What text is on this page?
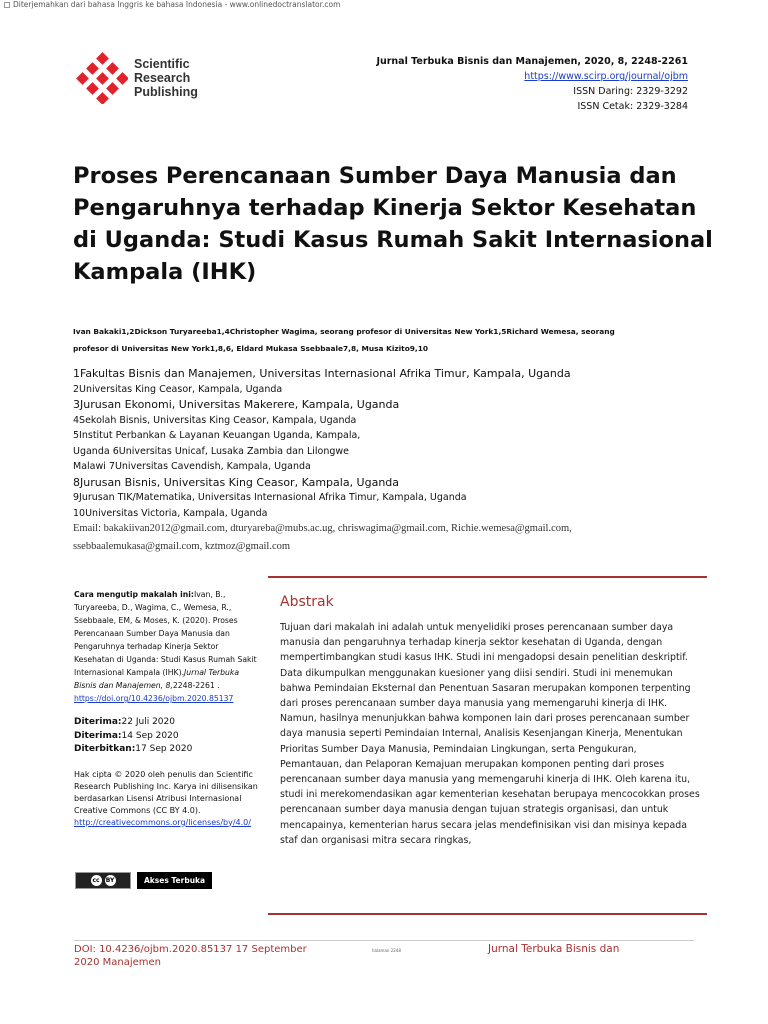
Diterjemahkan dari bahasa Inggris ke bahasa Indonesia - www.onlinedoctranslator.com
Scientific
Research
Publishing
Jurnal Terbuka Bisnis dan Manajemen, 2020, 8, 2248-2261
https://www.scirp.org/journal/ojbm
ISSN Daring: 2329-3292
ISSN Cetak: 2329-3284
Proses Perencanaan Sumber Daya Manusia dan Pengaruhnya terhadap Kinerja Sektor Kesehatan di Uganda: Studi Kasus Rumah Sakit Internasional Kampala (IHK)
Ivan Bakaki1,2Dickson Turyareeba1,4Christopher Wagima, seorang profesor di Universitas New York1,5Richard Wemesa, seorang
profesor di Universitas New York1,8,6, Eldard Mukasa Ssebbaale7,8, Musa Kizito9,10
1Fakultas Bisnis dan Manajemen, Universitas Internasional Afrika Timur, Kampala, Uganda
2Universitas King Ceasor, Kampala, Uganda
3Jurusan Ekonomi, Universitas Makerere, Kampala, Uganda
4Sekolah Bisnis, Universitas King Ceasor, Kampala, Uganda
5Institut Perbankan & Layanan Keuangan Uganda, Kampala,
Uganda 6Universitas Unicaf, Lusaka Zambia dan Lilongwe
Malawi 7Universitas Cavendish, Kampala, Uganda
8Jurusan Bisnis, Universitas King Ceasor, Kampala, Uganda
9Jurusan TIK/Matematika, Universitas Internasional Afrika Timur, Kampala, Uganda
10Universitas Victoria, Kampala, Uganda
Email: bakakiivan2012@gmail.com, dturyareba@mubs.ac.ug, chriswagima@gmail.com, Richie.wemesa@gmail.com,
ssebbaalemukasa@gmail.com, kztmoz@gmail.com
Cara mengutip makalah ini:Ivan, B., Turyareeba, D., Wagima, C., Wemesa, R., Ssebbaale, EM, & Moses, K. (2020). Proses Perencanaan Sumber Daya Manusia dan Pengaruhnya terhadap Kinerja Sektor Kesehatan di Uganda: Studi Kasus Rumah Sakit Internasional Kampala (IHK).Jurnal Terbuka Bisnis dan Manajemen, 8,2248-2261 . https://doi.org/10.4236/ojbm.2020.85137
Diterima:22 Juli 2020
Diterima:14 Sep 2020
Diterbitkan:17 Sep 2020
Hak cipta © 2020 oleh penulis dan Scientific Research Publishing Inc. Karya ini dilisensikan berdasarkan Lisensi Atribusi Internasional Creative Commons (CC BY 4.0).
http://creativecommons.org/licenses/by/4.0/
cc	BY	Akses Terbuka
Abstrak

Tujuan dari makalah ini adalah untuk menyelidiki proses perencanaan sumber daya manusia dan pengaruhnya terhadap kinerja sektor kesehatan di Uganda, dengan mempertimbangkan studi kasus IHK. Studi ini mengadopsi desain penelitian deskriptif. Data dikumpulkan menggunakan kuesioner yang diisi sendiri. Studi ini menemukan bahwa Pemindaian Eksternal dan Penentuan Sasaran merupakan komponen terpenting dari proses perencanaan sumber daya manusia yang memengaruhi kinerja di IHK. Namun, hasilnya menunjukkan bahwa komponen lain dari proses perencanaan sumber daya manusia seperti Pemindaian Internal, Analisis Kesenjangan Kinerja, Menentukan Prioritas Sumber Daya Manusia, Pemindaian Lingkungan, serta Pengukuran, Pemantauan, dan Pelaporan Kemajuan merupakan komponen penting dari proses perencanaan sumber daya manusia yang memengaruhi kinerja di IHK. Oleh karena itu, studi ini merekomendasikan agar kementerian kesehatan berupaya mencocokkan proses perencanaan sumber daya manusia dengan tujuan strategis organisasi, dan untuk mencapainya, kementerian harus secara jelas mendefinisikan visi dan misinya kepada staf dan organisasi mitra secara ringkas,

DOI: 10.4236/ojbm.2020.85137 17 September 2020 Manajemen
halaman 2248	Jurnal Terbuka Bisnis dan
